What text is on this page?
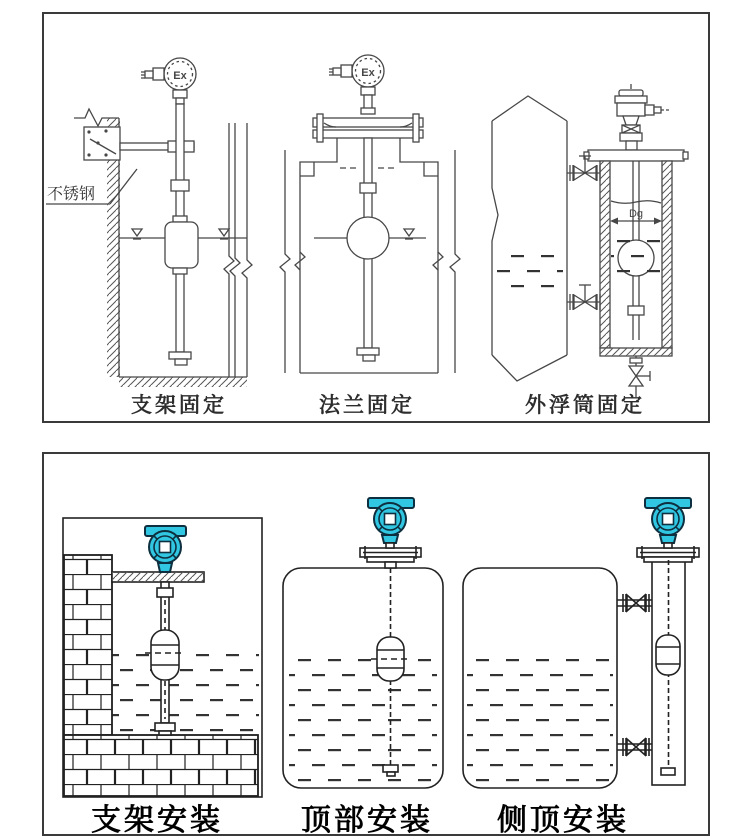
不锈钢
Ex	Ex
Dg
支架固定	法兰固定	外浮筒固定
支架安装	顶部安装 侧顶安装
